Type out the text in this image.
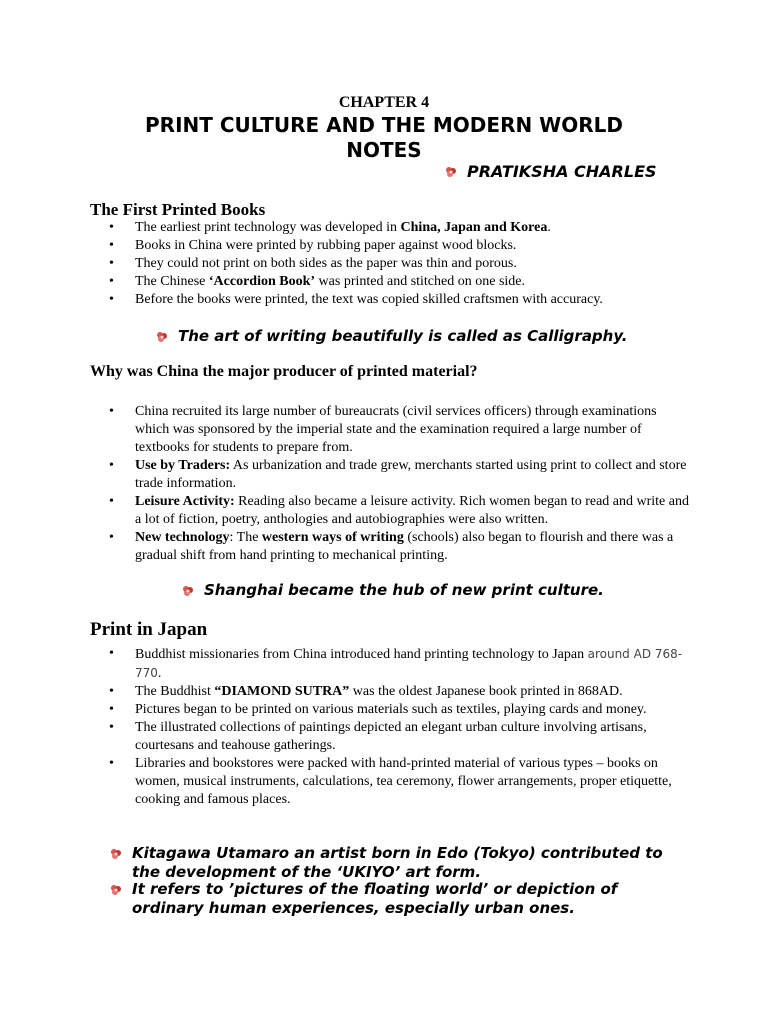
CHAPTER 4
PRINT CULTURE AND THE MODERN WORLD NOTES
PRATIKSHA CHARLES
The First Printed Books
• The earliest print technology was developed in China, Japan and Korea.
• Books in China were printed by rubbing paper against wood blocks.
• They could not print on both sides as the paper was thin and porous.
• The Chinese ‘Accordion Book’ was printed and stitched on one side.
• Before the books were printed, the text was copied skilled craftsmen with accuracy.
The art of writing beautifully is called as Calligraphy.
Why was China the major producer of printed material?
• China recruited its large number of bureaucrats (civil services officers) through examinations which was sponsored by the imperial state and the examination required a large number of textbooks for students to prepare from.
• Use by Traders: As urbanization and trade grew, merchants started using print to collect and store trade information.
• Leisure Activity: Reading also became a leisure activity. Rich women began to read and write and a lot of fiction, poetry, anthologies and autobiographies were also written.
• New technology: The western ways of writing (schools) also began to flourish and there was a gradual shift from hand printing to mechanical printing.
Shanghai became the hub of new print culture.
Print in Japan
• Buddhist missionaries from China introduced hand printing technology to Japan around AD 768-770.
• The Buddhist “DIAMOND SUTRA” was the oldest Japanese book printed in 868AD.
• Pictures began to be printed on various materials such as textiles, playing cards and money.
• The illustrated collections of paintings depicted an elegant urban culture involving artisans, courtesans and teahouse gatherings.
• Libraries and bookstores were packed with hand-printed material of various types – books on women, musical instruments, calculations, tea ceremony, flower arrangements, proper etiquette, cooking and famous places.
Kitagawa Utamaro an artist born in Edo (Tokyo) contributed to the development of the ‘UKIYO’ art form.
It refers to ’pictures of the floating world’ or depiction of ordinary human experiences, especially urban ones.
